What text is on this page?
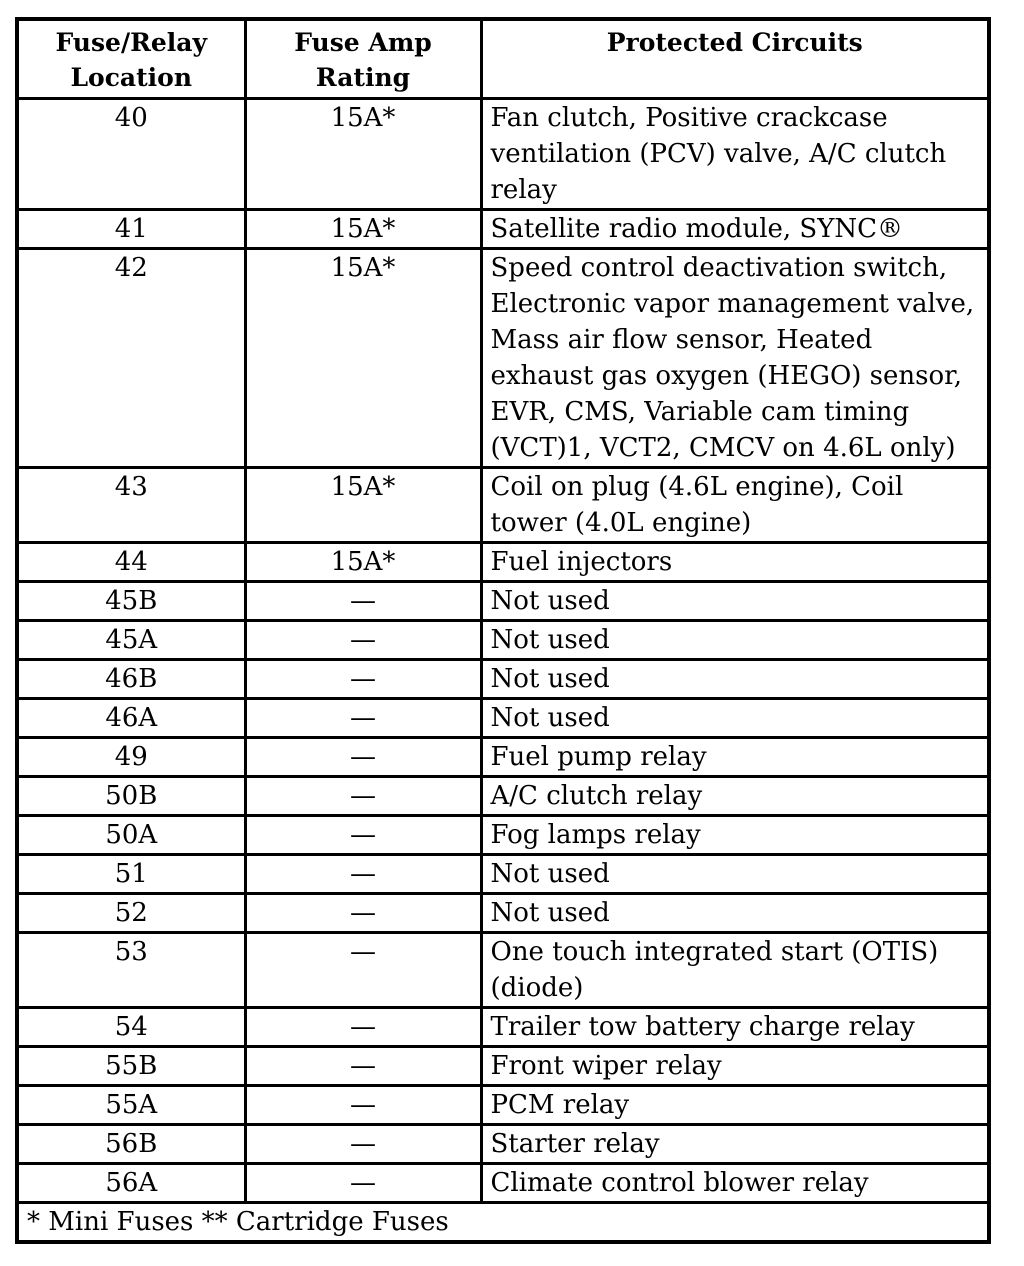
Fuse/Relay Location	Fuse Amp Rating	Protected Circuits
40	15A*	Fan clutch, Positive crackcase ventilation (PCV) valve, A/C clutch relay
41	15A*	Satellite radio module, SYNC®
42	15A*	Speed control deactivation switch, Electronic vapor management valve, Mass air flow sensor, Heated exhaust gas oxygen (HEGO) sensor, EVR, CMS, Variable cam timing (VCT)1, VCT2, CMCV on 4.6L only)
43	15A*	Coil on plug (4.6L engine), Coil tower (4.0L engine)
44	15A*	Fuel injectors
45B	—	Not used
45A	—	Not used
46B	—	Not used
46A	—	Not used
49	—	Fuel pump relay
50B	—	A/C clutch relay
50A	—	Fog lamps relay
51	—	Not used
52	—	Not used
53	—	One touch integrated start (OTIS) (diode)
54	—	Trailer tow battery charge relay
55B	—	Front wiper relay
55A	—	PCM relay
56B	—	Starter relay
56A	—	Climate control blower relay
* Mini Fuses ** Cartridge Fuses		
